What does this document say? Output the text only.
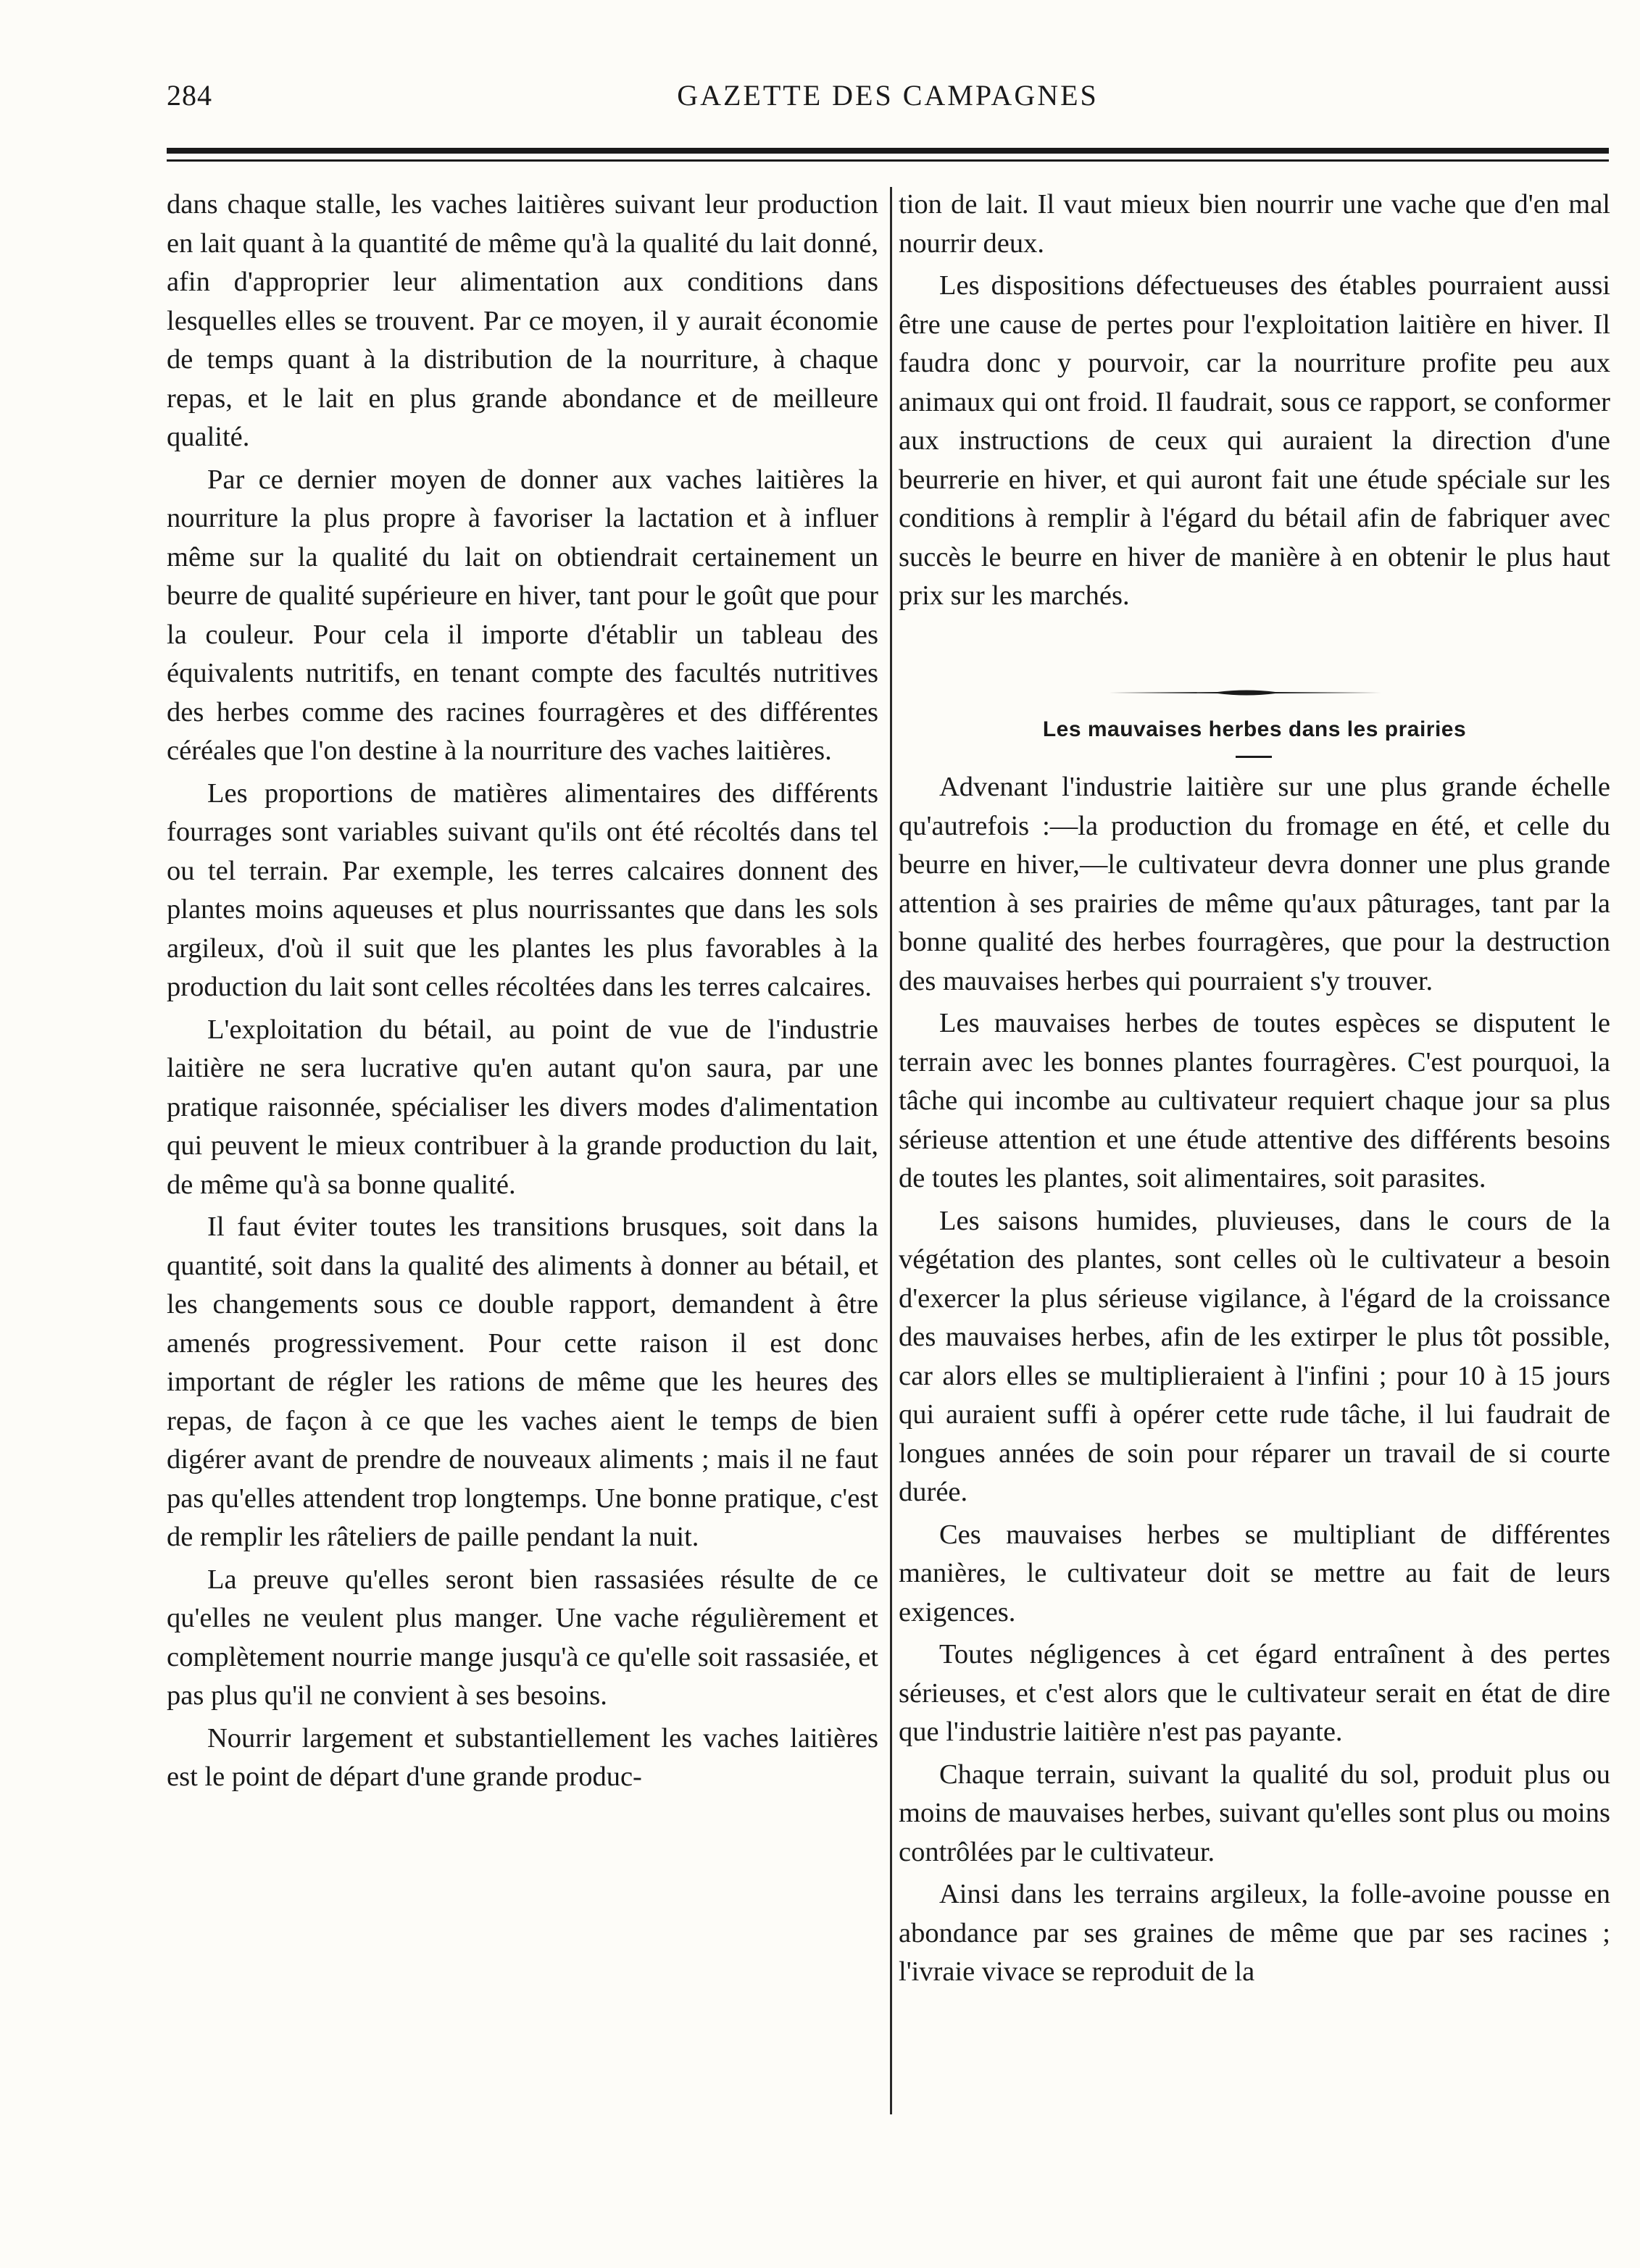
284	GAZETTE DES CAMPAGNES

dans chaque stalle, les vaches laitières suivant leur production en lait quant à la quantité de même qu'à la qualité du lait donné, afin d'approprier leur alimentation aux conditions dans lesquelles elles se trouvent. Par ce moyen, il y aurait économie de temps quant à la distribution de la nourriture, à chaque repas, et le lait en plus grande abondance et de meilleure qualité.

Par ce dernier moyen de donner aux vaches laitières la nourriture la plus propre à favoriser la lactation et à influer même sur la qualité du lait on obtiendrait certainement un beurre de qualité supérieure en hiver, tant pour le goût que pour la couleur. Pour cela il importe d'établir un tableau des équivalents nutritifs, en tenant compte des facultés nutritives des herbes comme des racines fourragères et des différentes céréales que l'on destine à la nourriture des vaches laitières.

Les proportions de matières alimentaires des différents fourrages sont variables suivant qu'ils ont été récoltés dans tel ou tel terrain. Par exemple, les terres calcaires donnent des plantes moins aqueuses et plus nourrissantes que dans les sols argileux, d'où il suit que les plantes les plus favorables à la production du lait sont celles récoltées dans les terres calcaires.

L'exploitation du bétail, au point de vue de l'industrie laitière ne sera lucrative qu'en autant qu'on saura, par une pratique raisonnée, spécialiser les divers modes d'alimentation qui peuvent le mieux contribuer à la grande production du lait, de même qu'à sa bonne qualité.

Il faut éviter toutes les transitions brusques, soit dans la quantité, soit dans la qualité des aliments à donner au bétail, et les changements sous ce double rapport, demandent à être amenés progressivement. Pour cette raison il est donc important de régler les rations de même que les heures des repas, de façon à ce que les vaches aient le temps de bien digérer avant de prendre de nouveaux aliments ; mais il ne faut pas qu'elles attendent trop longtemps. Une bonne pratique, c'est de remplir les râteliers de paille pendant la nuit.

La preuve qu'elles seront bien rassasiées résulte de ce qu'elles ne veulent plus manger. Une vache régulièrement et complètement nourrie mange jusqu'à ce qu'elle soit rassasiée, et pas plus qu'il ne convient à ses besoins.

Nourrir largement et substantiellement les vaches laitières est le point de départ d'une grande produc-

tion de lait. Il vaut mieux bien nourrir une vache que d'en mal nourrir deux.

Les dispositions défectueuses des étables pourraient aussi être une cause de pertes pour l'exploitation laitière en hiver. Il faudra donc y pourvoir, car la nourriture profite peu aux animaux qui ont froid. Il faudrait, sous ce rapport, se conformer aux instructions de ceux qui auraient la direction d'une beurrerie en hiver, et qui auront fait une étude spéciale sur les conditions à remplir à l'égard du bétail afin de fabriquer avec succès le beurre en hiver de manière à en obtenir le plus haut prix sur les marchés.

Les mauvaises herbes dans les prairies

Advenant l'industrie laitière sur une plus grande échelle qu'autrefois :—la production du fromage en été, et celle du beurre en hiver,—le cultivateur devra donner une plus grande attention à ses prairies de même qu'aux pâturages, tant par la bonne qualité des herbes fourragères, que pour la destruction des mauvaises herbes qui pourraient s'y trouver.

Les mauvaises herbes de toutes espèces se disputent le terrain avec les bonnes plantes fourragères. C'est pourquoi, la tâche qui incombe au cultivateur requiert chaque jour sa plus sérieuse attention et une étude attentive des différents besoins de toutes les plantes, soit alimentaires, soit parasites.

Les saisons humides, pluvieuses, dans le cours de la végétation des plantes, sont celles où le cultivateur a besoin d'exercer la plus sérieuse vigilance, à l'égard de la croissance des mauvaises herbes, afin de les extirper le plus tôt possible, car alors elles se multiplieraient à l'infini ; pour 10 à 15 jours qui auraient suffi à opérer cette rude tâche, il lui faudrait de longues années de soin pour réparer un travail de si courte durée.

Ces mauvaises herbes se multipliant de différentes manières, le cultivateur doit se mettre au fait de leurs exigences.

Toutes négligences à cet égard entraînent à des pertes sérieuses, et c'est alors que le cultivateur serait en état de dire que l'industrie laitière n'est pas payante.

Chaque terrain, suivant la qualité du sol, produit plus ou moins de mauvaises herbes, suivant qu'elles sont plus ou moins contrôlées par le cultivateur.

Ainsi dans les terrains argileux, la folle-avoine pousse en abondance par ses graines de même que par ses racines ; l'ivraie vivace se reproduit de la
